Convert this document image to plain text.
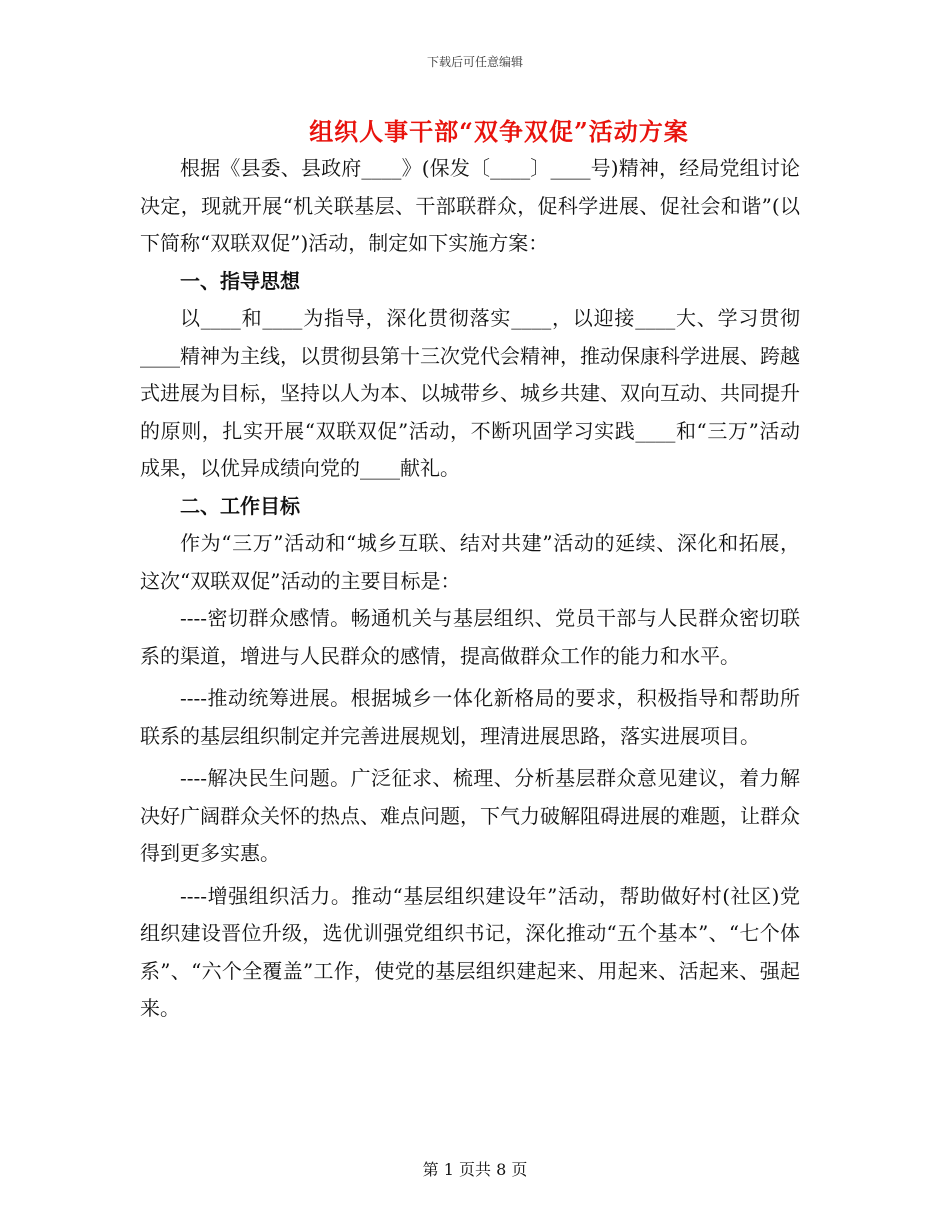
下载后可任意编辑
组织人事干部“双争双促”活动方案

根据《县委、县政府____》(保发〔____〕____号)精神，经局党组讨论决定，现就开展“机关联基层、干部联群众，促科学进展、促社会和谐”(以下简称“双联双促”)活动，制定如下实施方案：

一、指导思想

以____和____为指导，深化贯彻落实____，以迎接____大、学习贯彻____精神为主线，以贯彻县第十三次党代会精神，推动保康科学进展、跨越式进展为目标，坚持以人为本、以城带乡、城乡共建、双向互动、共同提升的原则，扎实开展“双联双促”活动，不断巩固学习实践____和“三万”活动成果，以优异成绩向党的____献礼。

二、工作目标

作为“三万”活动和“城乡互联、结对共建”活动的延续、深化和拓展，这次“双联双促”活动的主要目标是：

----密切群众感情。畅通机关与基层组织、党员干部与人民群众密切联系的渠道，增进与人民群众的感情，提高做群众工作的能力和水平。

----推动统筹进展。根据城乡一体化新格局的要求，积极指导和帮助所联系的基层组织制定并完善进展规划，理清进展思路，落实进展项目。

----解决民生问题。广泛征求、梳理、分析基层群众意见建议，着力解决好广阔群众关怀的热点、难点问题，下气力破解阻碍进展的难题，让群众得到更多实惠。

----增强组织活力。推动“基层组织建设年”活动，帮助做好村(社区)党组织建设晋位升级，选优训强党组织书记，深化推动“五个基本”、“七个体系”、“六个全覆盖”工作，使党的基层组织建起来、用起来、活起来、强起来。

第 1 页共 8 页
